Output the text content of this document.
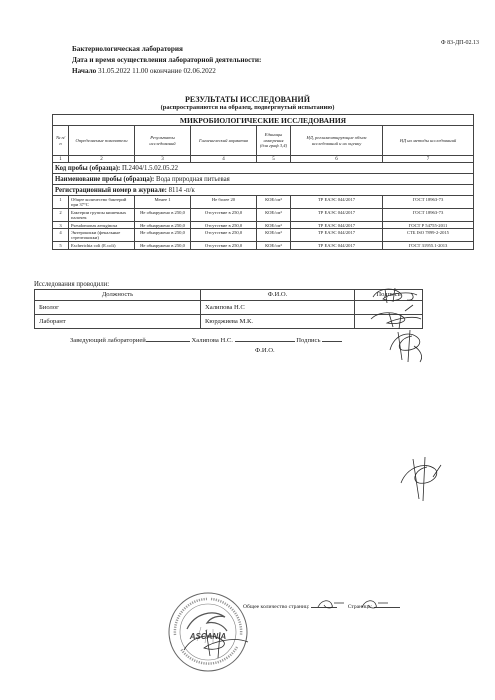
Ф 83-ДП-02.13
Бактериологическая лаборатория
Дата и время осуществления лабораторной деятельности:
Начало 31.05.2022 11.00 окончание 02.06.2022
РЕЗУЛЬТАТЫ ИССЛЕДОВАНИЙ
(распространяются на образец, подвергнутый испытанию)
МИКРОБИОЛОГИЧЕСКИЕ ИССЛЕДОВАНИЯ						
№ п/п	Определяемые показатели	Результаты исследований	Гигиенический норматив	Единицы измерения (для граф 3,4)	НД, регламентирующие объем исследований и их оценку	НД на методы исследований
1	2	3	4	5	6	7
Код пробы (образца): П.2404/1.5.02.05.22						
Наименование пробы (образца): Вода природная питьевая						
Регистрационный номер в журнале: 8114 -п/к						
1	Общее количество бактерий при 37°С	Менее 1	Не более 20	КОЕ/см³	ТР ЕАЭС 044/2017	ГОСТ 18963-73
2	Бактерии группы кишечных палочек	Не обнаружено в 250,0	Отсутствие в 250,0	КОЕ/см³	ТР ЕАЭС 044/2017	ГОСТ 18963-73
3	Pseudomonas aeruginosa	Не обнаружено в 250,0	Отсутствие в 250,0	КОЕ/см³	ТР ЕАЭС 044/2017	ГОСТ Р 54755-2011
4	Энтерококки (фекальные стрептококки)	Не обнаружено в 250,0	Отсутствие в 250,0	КОЕ/см³	ТР ЕАЭС 044/2017	СТБ ISO 7899-2-2015
5	Escherichia coli (E.coli)	Не обнаружено в 250,0	Отсутствие в 250,0	КОЕ/см³	ТР ЕАЭС 044/2017	ГОСТ 31955.1-2013
Исследования проводили:
Должность	Ф.И.О.	Подпись
Биолог	Халипова Н.С	
Лаборант	Кюрджиева М.К.	
Заведующий лабораторией	Халипова Н.С.	Подпись
Ф.И.О.
Общее количество страниц:	Страница:
ASCANIA
